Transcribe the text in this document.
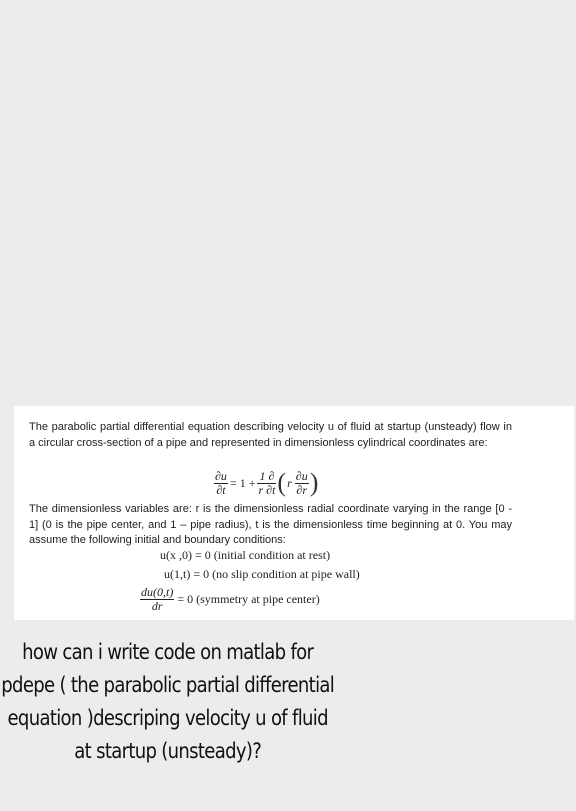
The parabolic partial differential equation describing velocity u of fluid at startup (unsteady) flow in a circular cross-section of a pipe and represented in dimensionless cylindrical coordinates are:
$\frac{\partial u}{\partial t} = 1 + \frac{1 \partial}{r \partial t}$ ( r $\frac{\partial u}{\partial r}$ )
The dimensionless variables are: r is the dimensionless radial coordinate varying in the range [0 - 1] (0 is the pipe center, and 1 – pipe radius), t is the dimensionless time beginning at 0. You may assume the following initial and boundary conditions:
u(x ,0) = 0 (initial condition at rest)
u(1,t) = 0 (no slip condition at pipe wall)
$\frac{du(0,t)}{dr} = 0$ (symmetry at pipe center)
how can i write code on matlab for pdepe ( the parabolic partial differential equation )descriping velocity u of fluid at startup (unsteady)?
